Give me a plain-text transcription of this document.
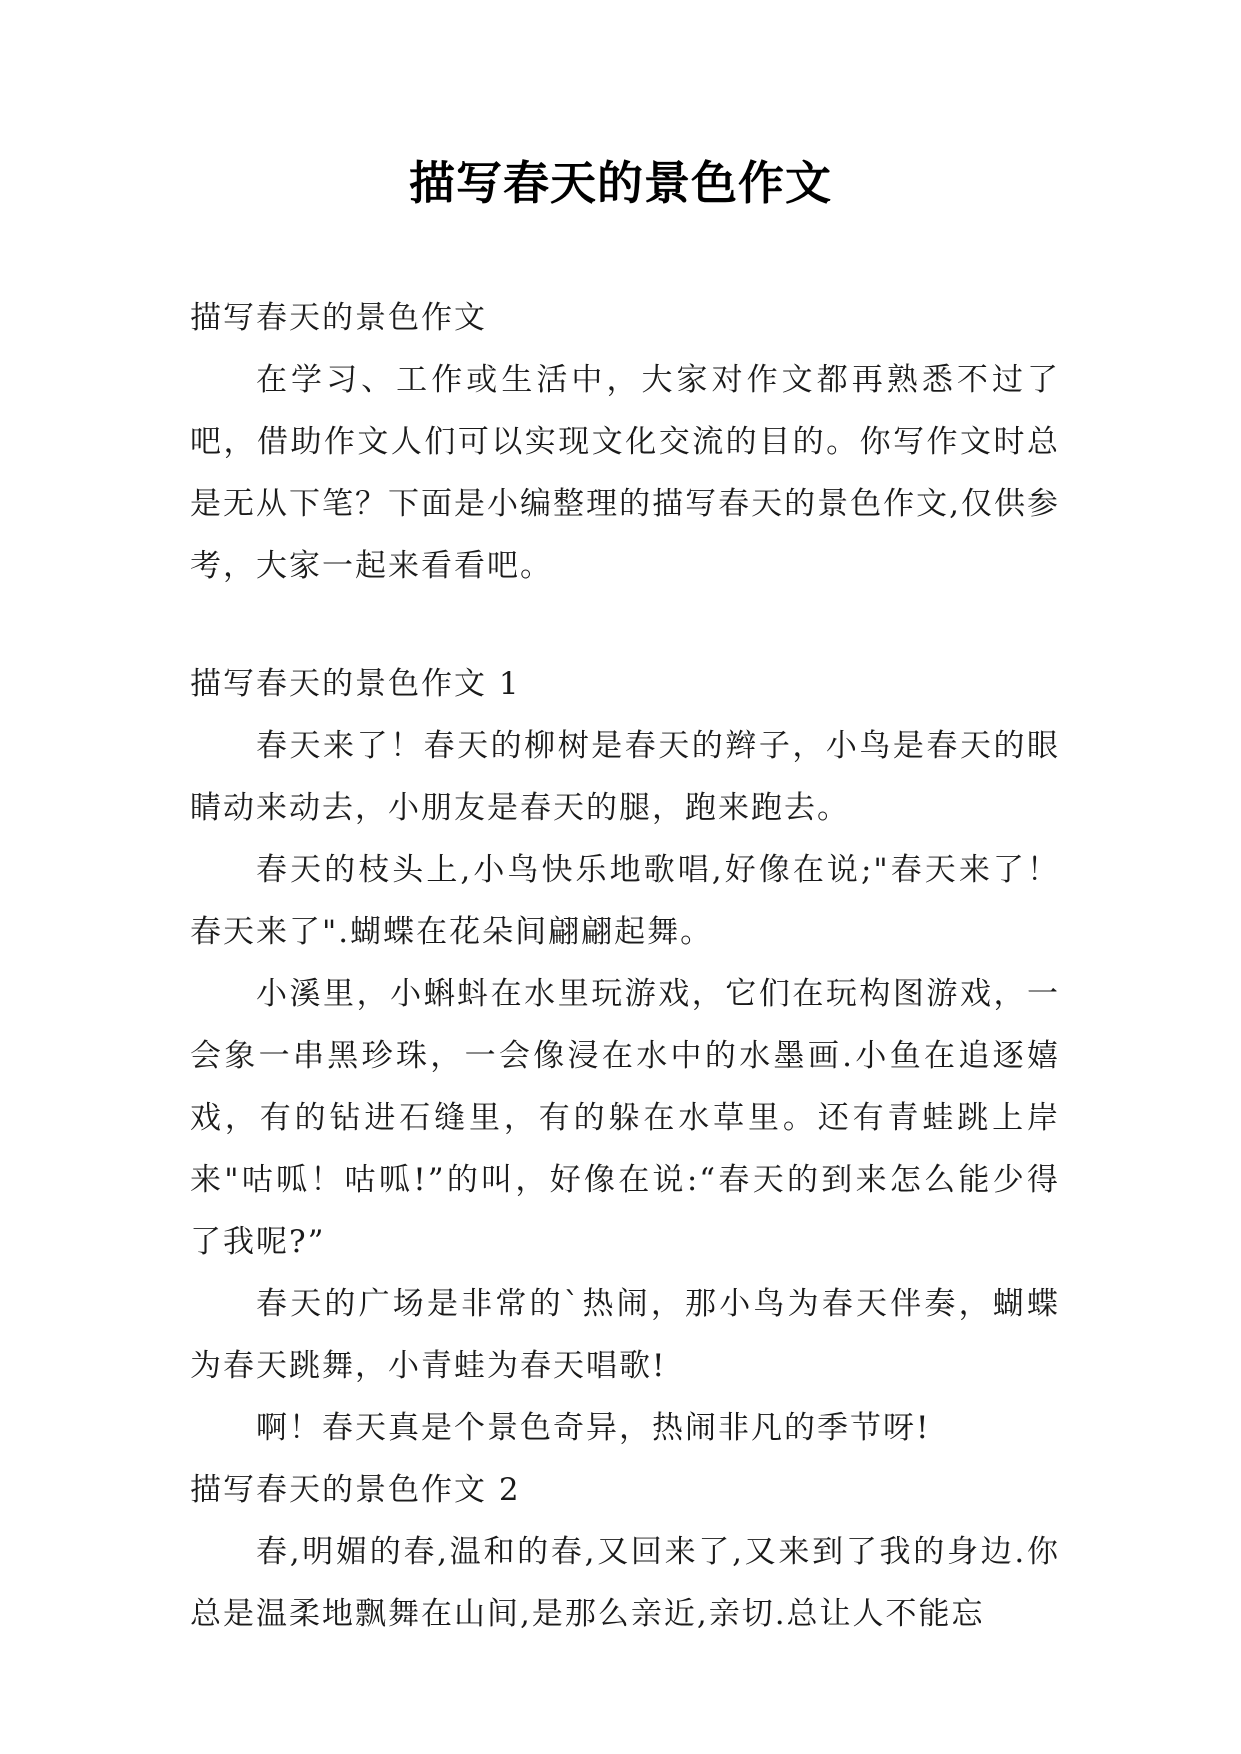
描写春天的景色作文

描写春天的景色作文

在学习、工作或生活中，大家对作文都再熟悉不过了吧，借助作文人们可以实现文化交流的目的。你写作文时总是无从下笔？下面是小编整理的描写春天的景色作文,仅供参考，大家一起来看看吧。

描写春天的景色作文 1

春天来了！春天的柳树是春天的辫子，小鸟是春天的眼睛动来动去，小朋友是春天的腿，跑来跑去。

春天的枝头上,小鸟快乐地歌唱,好像在说;"春天来了！春天来了".蝴蝶在花朵间翩翩起舞。

小溪里，小蝌蚪在水里玩游戏，它们在玩构图游戏，一会象一串黑珍珠，一会像浸在水中的水墨画.小鱼在追逐嬉戏，有的钻进石缝里，有的躲在水草里。还有青蛙跳上岸来"咕呱！咕呱!”的叫，好像在说:“春天的到来怎么能少得了我呢?”

春天的广场是非常的`热闹，那小鸟为春天伴奏，蝴蝶为春天跳舞，小青蛙为春天唱歌!

啊！春天真是个景色奇异，热闹非凡的季节呀!

描写春天的景色作文 2

春,明媚的春,温和的春,又回来了,又来到了我的身边.你总是温柔地飘舞在山间,是那么亲近,亲切.总让人不能忘
